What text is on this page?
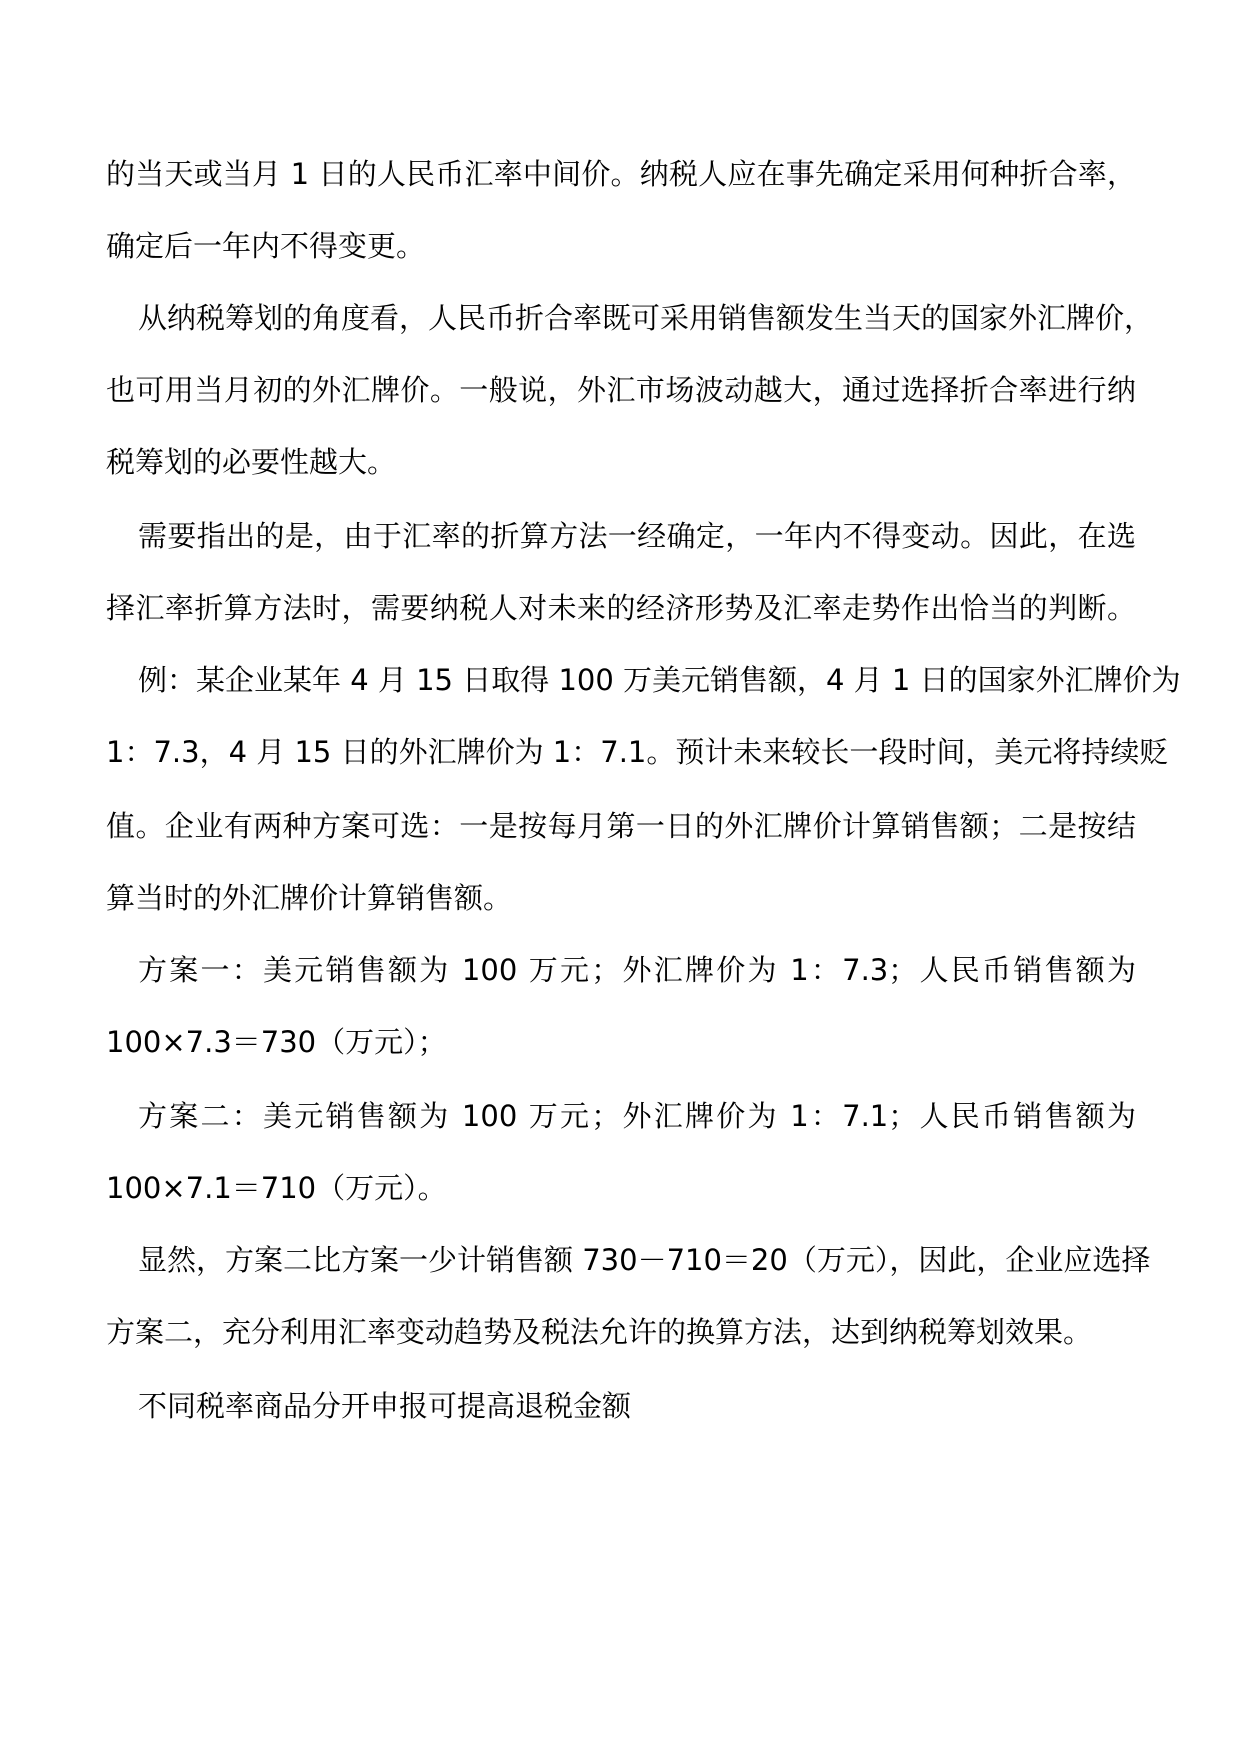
的当天或当月 1 日的人民币汇率中间价。纳税人应在事先确定采用何种折合率，
确定后一年内不得变更。
从纳税筹划的角度看，人民币折合率既可采用销售额发生当天的国家外汇牌价，
也可用当月初的外汇牌价。一般说，外汇市场波动越大，通过选择折合率进行纳
税筹划的必要性越大。
需要指出的是，由于汇率的折算方法一经确定，一年内不得变动。因此，在选
择汇率折算方法时，需要纳税人对未来的经济形势及汇率走势作出恰当的判断。
例：某企业某年 4 月 15 日取得 100 万美元销售额，4 月 1 日的国家外汇牌价为
1：7.3，4 月 15 日的外汇牌价为 1：7.1。预计未来较长一段时间，美元将持续贬
值。企业有两种方案可选：一是按每月第一日的外汇牌价计算销售额；二是按结
算当时的外汇牌价计算销售额。
方案一：美元销售额为 100 万元；外汇牌价为 1：7.3；人民币销售额为
100×7.3＝730（万元）；
方案二：美元销售额为 100 万元；外汇牌价为 1：7.1；人民币销售额为
100×7.1＝710（万元）。
显然，方案二比方案一少计销售额 730－710＝20（万元），因此，企业应选择
方案二，充分利用汇率变动趋势及税法允许的换算方法，达到纳税筹划效果。
不同税率商品分开申报可提高退税金额
